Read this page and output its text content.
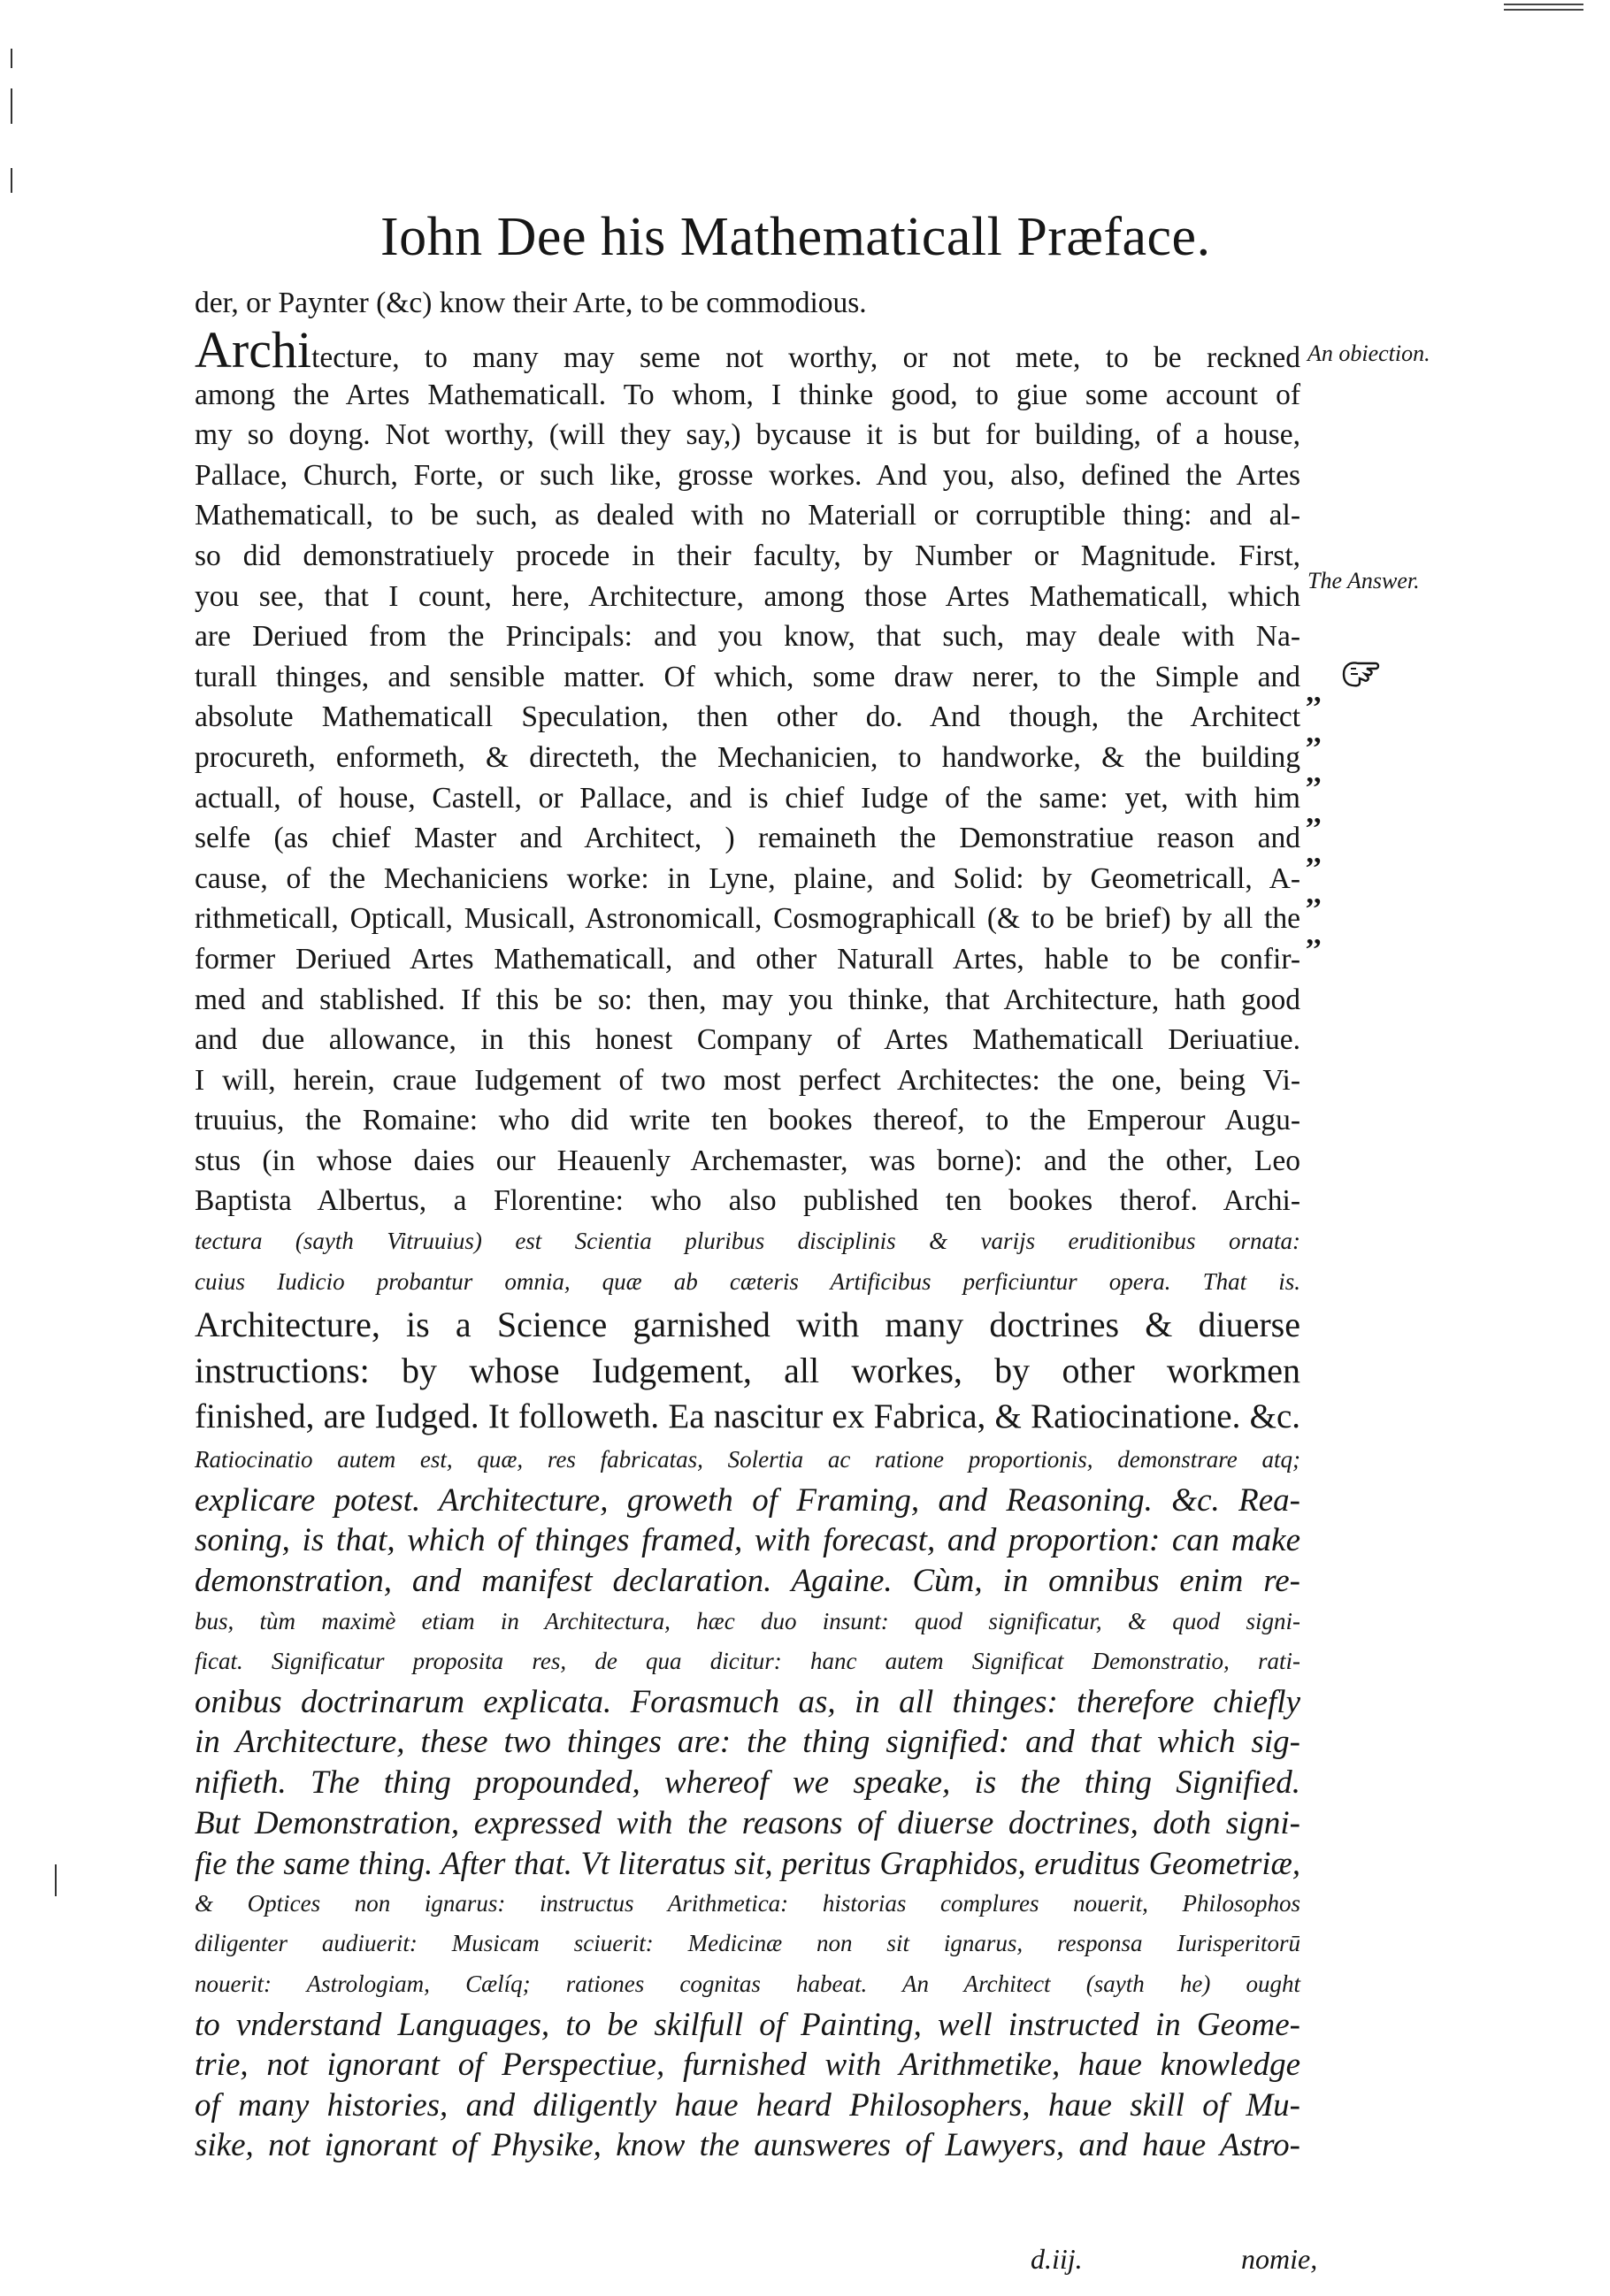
Iohn Dee his Mathematicall Præface.
der, or Paynter (&c) know their Arte, to be commodious.
Architecture, to many may seme not worthy, or not mete, to be reckned
among the Artes Mathematicall. To whom, I thinke good, to giue some account of
my so doyng. Not worthy, (will they say,) bycause it is but for building, of a house,
Pallace, Church, Forte, or such like, grosse workes. And you, also, defined the Artes
Mathematicall, to be such, as dealed with no Materiall or corruptible thing: and al-
so did demonstratiuely procede in their faculty, by Number or Magnitude. First,
you see, that I count, here, Architecture, among those Artes Mathematicall, which
are Deriued from the Principals: and you know, that such, may deale with Na-
turall thinges, and sensible matter. Of which, some draw nerer, to the Simple and
absolute Mathematicall Speculation, then other do. And though, the Architect
procureth, enformeth, & directeth, the Mechanicien, to handworke, & the building
actuall, of house, Castell, or Pallace, and is chief Iudge of the same: yet, with him
selfe (as chief Master and Architect, ) remaineth the Demonstratiue reason and
cause, of the Mechaniciens worke: in Lyne, plaine, and Solid: by Geometricall, A-
rithmeticall, Opticall, Musicall, Astronomicall, Cosmographicall (& to be brief) by all the
former Deriued Artes Mathematicall, and other Naturall Artes, hable to be confir-
med and stablished. If this be so: then, may you thinke, that Architecture, hath good
and due allowance, in this honest Company of Artes Mathematicall Deriuatiue.
I will, herein, craue Iudgement of two most perfect Architectes: the one, being Vi-
truuius, the Romaine: who did write ten bookes thereof, to the Emperour Augu-
stus (in whose daies our Heauenly Archemaster, was borne): and the other, Leo
Baptista Albertus, a Florentine: who also published ten bookes therof. Archi-
tectura (sayth Vitruuius) est Scientia pluribus disciplinis & varijs eruditionibus ornata:
cuius Iudicio probantur omnia, quæ ab cæteris Artificibus perficiuntur opera. That is.
Architecture, is a Science garnished with many doctrines & diuerse
instructions: by whose Iudgement, all workes, by other workmen
finished, are Iudged. It followeth. Ea nascitur ex Fabrica, & Ratiocinatione. &c.
Ratiocinatio autem est, quæ, res fabricatas, Solertia ac ratione proportionis, demonstrare atq;
explicare potest. Architecture, groweth of Framing, and Reasoning. &c. Rea-
soning, is that, which of thinges framed, with forecast, and proportion: can make
demonstration, and manifest declaration. Againe. Cùm, in omnibus enim re-
bus, tùm maximè etiam in Architectura, hæc duo insunt: quod significatur, & quod signi-
ficat. Significatur proposita res, de qua dicitur: hanc autem Significat Demonstratio, rati-
onibus doctrinarum explicata. Forasmuch as, in all thinges: therefore chiefly
in Architecture, these two thinges are: the thing signified: and that which sig-
nifieth. The thing propounded, whereof we speake, is the thing Signified.
But Demonstration, expressed with the reasons of diuerse doctrines, doth signi-
fie the same thing. After that. Vt literatus sit, peritus Graphidos, eruditus Geometriæ,
& Optices non ignarus: instructus Arithmetica: historias complures nouerit, Philosophos
diligenter audiuerit: Musicam sciuerit: Medicinæ non sit ignarus, responsa Iurisperitorū
nouerit: Astrologiam, Cælíq; rationes cognitas habeat. An Architect (sayth he) ought
to vnderstand Languages, to be skilfull of Painting, well instructed in Geome-
trie, not ignorant of Perspectiue, furnished with Arithmetike, haue knowledge
of many histories, and diligently haue heard Philosophers, haue skill of Mu-
sike, not ignorant of Physike, know the aunsweres of Lawyers, and haue Astro-
An obiection.
The Answer.
,,
,,
,,
,,
,,
,,
,,
d.iij.	nomie,
